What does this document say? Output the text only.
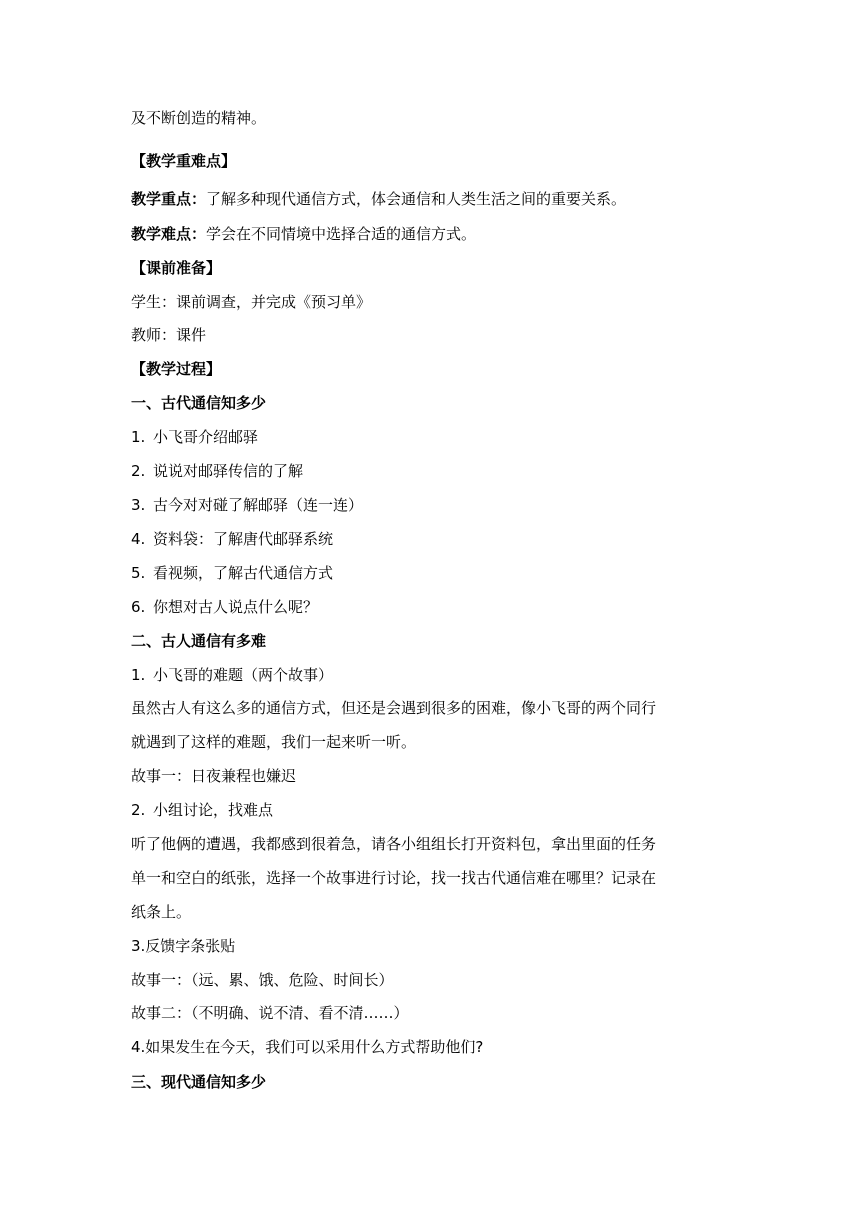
及不断创造的精神。
【教学重难点】
教学重点：了解多种现代通信方式，体会通信和人类生活之间的重要关系。
教学难点：学会在不同情境中选择合适的通信方式。
【课前准备】
学生：课前调查，并完成《预习单》
教师：课件
【教学过程】
一、古代通信知多少
1. 小飞哥介绍邮驿
2. 说说对邮驿传信的了解
3. 古今对对碰了解邮驿（连一连）
4. 资料袋：了解唐代邮驿系统
5. 看视频，了解古代通信方式
6. 你想对古人说点什么呢？
二、古人通信有多难
1. 小飞哥的难题（两个故事）
虽然古人有这么多的通信方式，但还是会遇到很多的困难，像小飞哥的两个同行
就遇到了这样的难题，我们一起来听一听。
故事一：日夜兼程也嫌迟
2. 小组讨论，找难点
听了他俩的遭遇，我都感到很着急，请各小组组长打开资料包，拿出里面的任务
单一和空白的纸张，选择一个故事进行讨论，找一找古代通信难在哪里？记录在
纸条上。
3.反馈字条张贴
故事一：（远、累、饿、危险、时间长）
故事二：（不明确、说不清、看不清……）
4.如果发生在今天，我们可以采用什么方式帮助他们?
三、现代通信知多少
